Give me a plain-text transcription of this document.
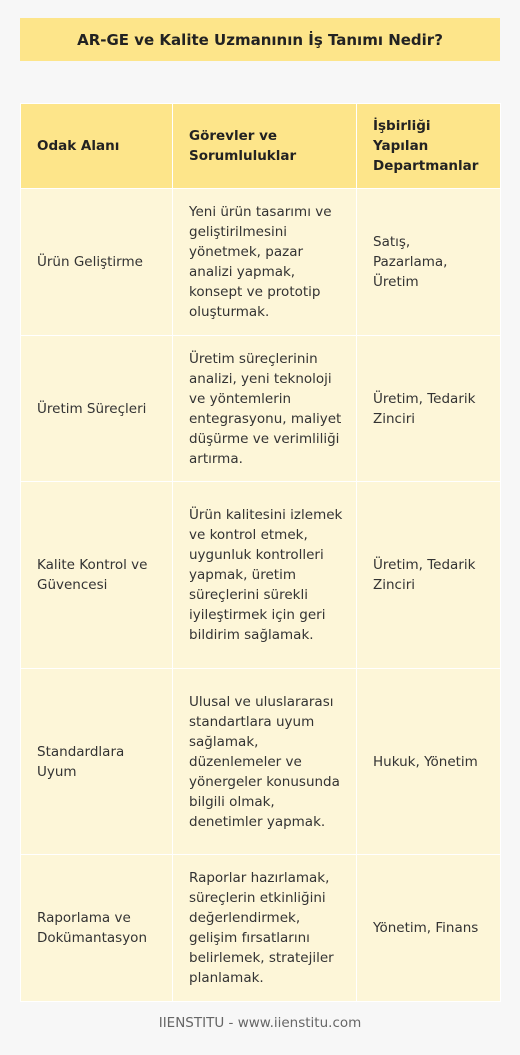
AR-GE ve Kalite Uzmanının İş Tanımı Nedir?
Odak Alanı	Görevler ve Sorumluluklar	İşbirliği Yapılan Departmanlar
Ürün Geliştirme	Yeni ürün tasarımı ve geliştirilmesini yönetmek, pazar analizi yapmak, konsept ve prototip oluşturmak.	Satış, Pazarlama, Üretim
Üretim Süreçleri	Üretim süreçlerinin analizi, yeni teknoloji ve yöntemlerin entegrasyonu, maliyet düşürme ve verimliliği artırma.	Üretim, Tedarik Zinciri
Kalite Kontrol ve Güvencesi	Ürün kalitesini izlemek ve kontrol etmek, uygunluk kontrolleri yapmak, üretim süreçlerini sürekli iyileştirmek için geri bildirim sağlamak.	Üretim, Tedarik Zinciri
Standardlara Uyum	Ulusal ve uluslararası standartlara uyum sağlamak, düzenlemeler ve yönergeler konusunda bilgili olmak, denetimler yapmak.	Hukuk, Yönetim
Raporlama ve Dokümantasyon	Raporlar hazırlamak, süreçlerin etkinliğini değerlendirmek, gelişim fırsatlarını belirlemek, stratejiler planlamak.	Yönetim, Finans
IIENSTITU - www.iienstitu.com
